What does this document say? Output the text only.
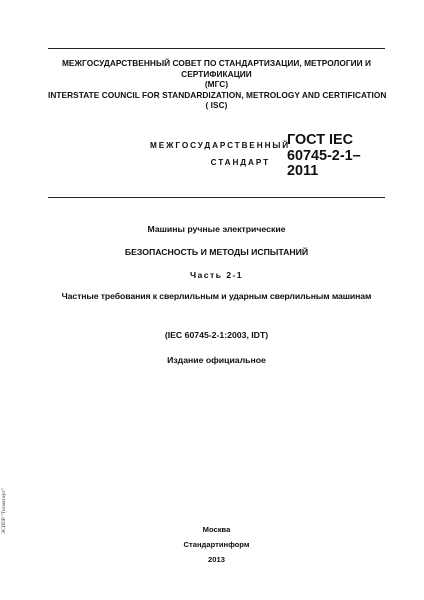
МЕЖГОСУДАРСТВЕННЫЙ СОВЕТ ПО СТАНДАРТИЗАЦИИ, МЕТРОЛОГИИ И
СЕРТИФИКАЦИИ
(МГС)
INTERSTATE COUNCIL FOR STANDARDIZATION, METROLOGY AND CERTIFICATION
( ISC)
МЕЖГОСУДАРСТВЕННЫЙ
СТАНДАРТ
ГОСТ IEC
60745-2-1–
2011
Машины ручные электрические
БЕЗОПАСНОСТЬ И МЕТОДЫ ИСПЫТАНИЙ
Часть 2-1
Частные требования к сверлильным и ударным сверлильным машинам
(IEC 60745-2-1:2003, IDT)
Издание официальное
Москва
Стандартинформ
2013
ЭСИПР "Техэксперт"
